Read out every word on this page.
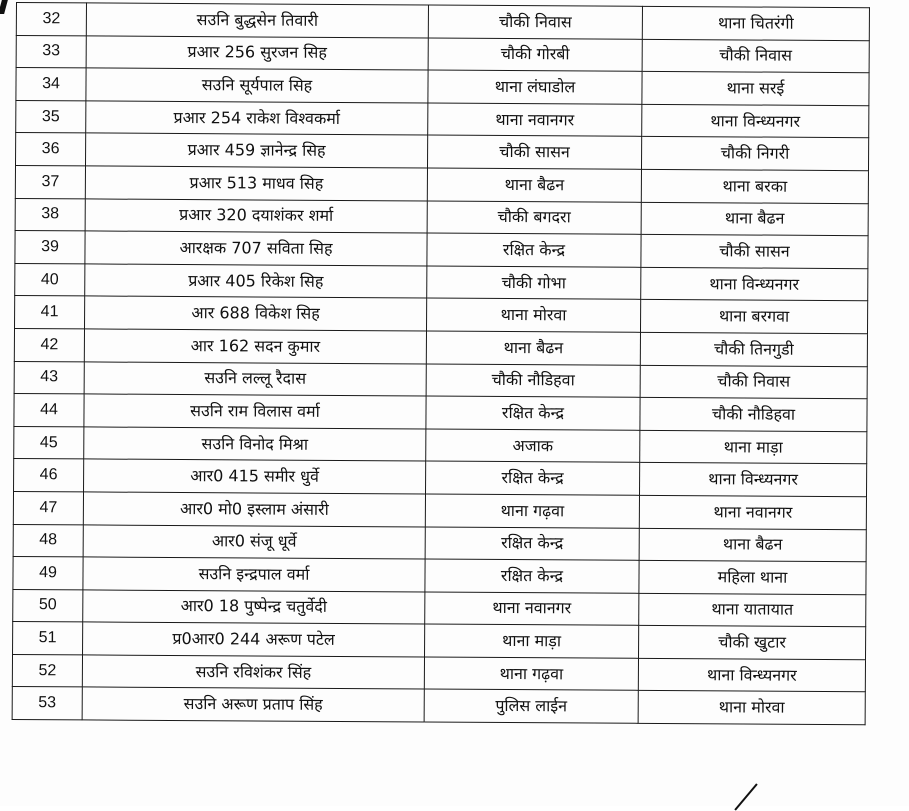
32	सउनि बुद्धसेन तिवारी	चौकी निवास	थाना चितरंगी
33	प्रआर 256 सुरजन सिह	चौकी गोरबी	चौकी निवास
34	सउनि सूर्यपाल सिह	थाना लंघाडोल	थाना सरई
35	प्रआर 254 राकेश विश्वकर्मा	थाना नवानगर	थाना विन्ध्यनगर
36	प्रआर 459 ज्ञानेन्द्र सिह	चौकी सासन	चौकी निगरी
37	प्रआर 513 माधव सिह	थाना बैढन	थाना बरका
38	प्रआर 320 दयाशंकर शर्मा	चौकी बगदरा	थाना बैढन
39	आरक्षक 707 सविता सिह	रक्षित केन्द्र	चौकी सासन
40	प्रआर 405 रिकेश सिह	चौकी गोभा	थाना विन्ध्यनगर
41	आर 688 विकेश सिह	थाना मोरवा	थाना बरगवा
42	आर 162 सदन कुमार	थाना बैढन	चौकी तिनगुडी
43	सउनि लल्लू रैदास	चौकी नौडिहवा	चौकी निवास
44	सउनि राम विलास वर्मा	रक्षित केन्द्र	चौकी नौडिहवा
45	सउनि विनोद मिश्रा	अजाक	थाना माड़ा
46	आर0 415 समीर धुर्वे	रक्षित केन्द्र	थाना विन्ध्यनगर
47	आर0 मो0 इस्लाम अंसारी	थाना गढ़वा	थाना नवानगर
48	आर0 संजू धूर्वे	रक्षित केन्द्र	थाना बैढन
49	सउनि इन्द्रपाल वर्मा	रक्षित केन्द्र	महिला थाना
50	आर0 18 पुष्पेन्द्र चतुर्वेदी	थाना नवानगर	थाना यातायात
51	प्र0आर0 244 अरूण पटेल	थाना माड़ा	चौकी खुटार
52	सउनि रविशंकर सिंह	थाना गढ़वा	थाना विन्ध्यनगर
53	सउनि अरूण प्रताप सिंह	पुलिस लाईन	थाना मोरवा
